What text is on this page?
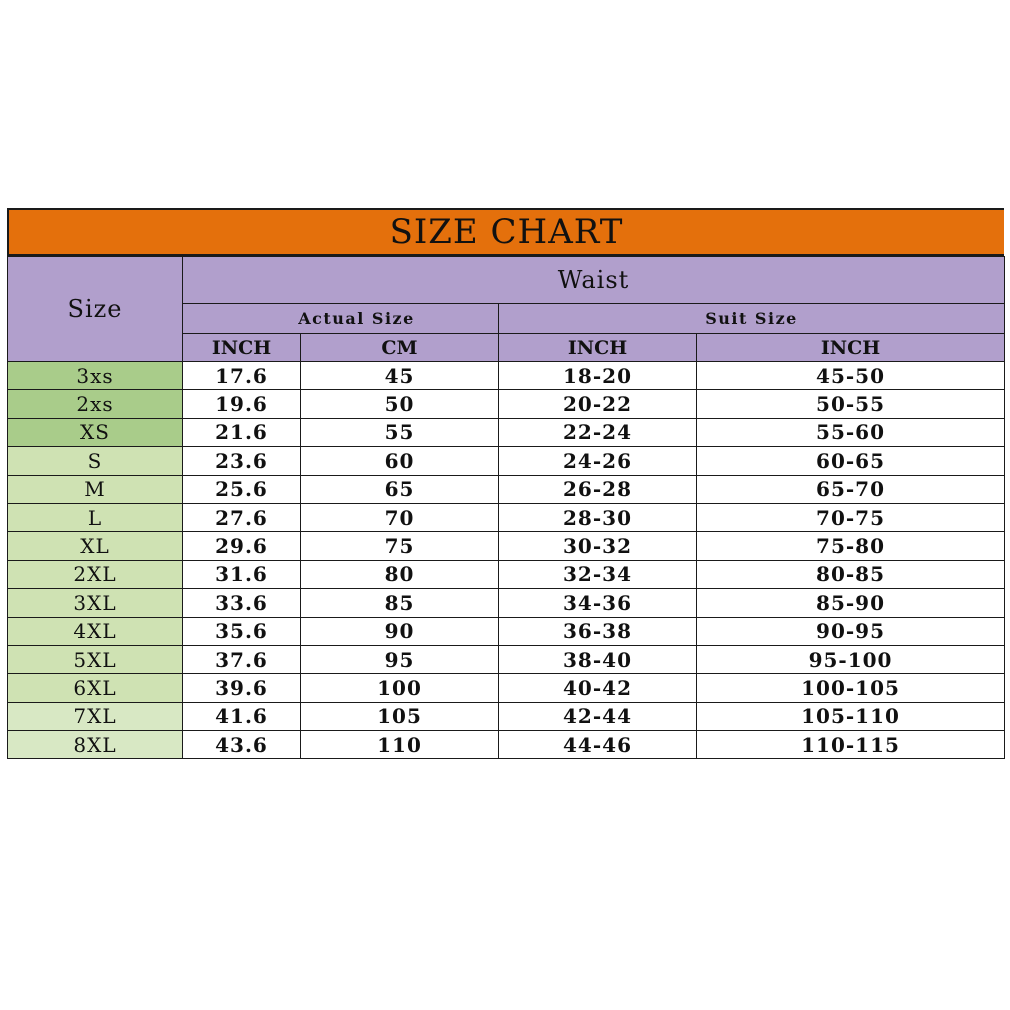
SIZE CHART
Size	Waist			
	Actual Size		Suit Size	
	INCH	CM	INCH	INCH
3xs	17.6	45	18-20	45-50
2xs	19.6	50	20-22	50-55
XS	21.6	55	22-24	55-60
S	23.6	60	24-26	60-65
M	25.6	65	26-28	65-70
L	27.6	70	28-30	70-75
XL	29.6	75	30-32	75-80
2XL	31.6	80	32-34	80-85
3XL	33.6	85	34-36	85-90
4XL	35.6	90	36-38	90-95
5XL	37.6	95	38-40	95-100
6XL	39.6	100	40-42	100-105
7XL	41.6	105	42-44	105-110
8XL	43.6	110	44-46	110-115
